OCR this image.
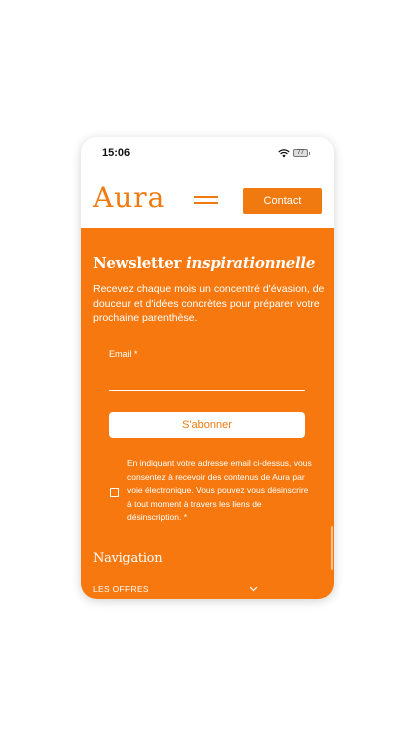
15:06	77
Aura	Contact
Newsletter inspirationnelle
Recevez chaque mois un concentré d'évasion, de douceur et d'idées concrètes pour préparer votre prochaine parenthèse.
Email *
S'abonner
En indiquant votre adresse email ci-dessus, vous consentez à recevoir des contenus de Aura par voie électronique. Vous pouvez vous désinscrire à tout moment à travers les liens de désinscription. *
Navigation
LES OFFRES
